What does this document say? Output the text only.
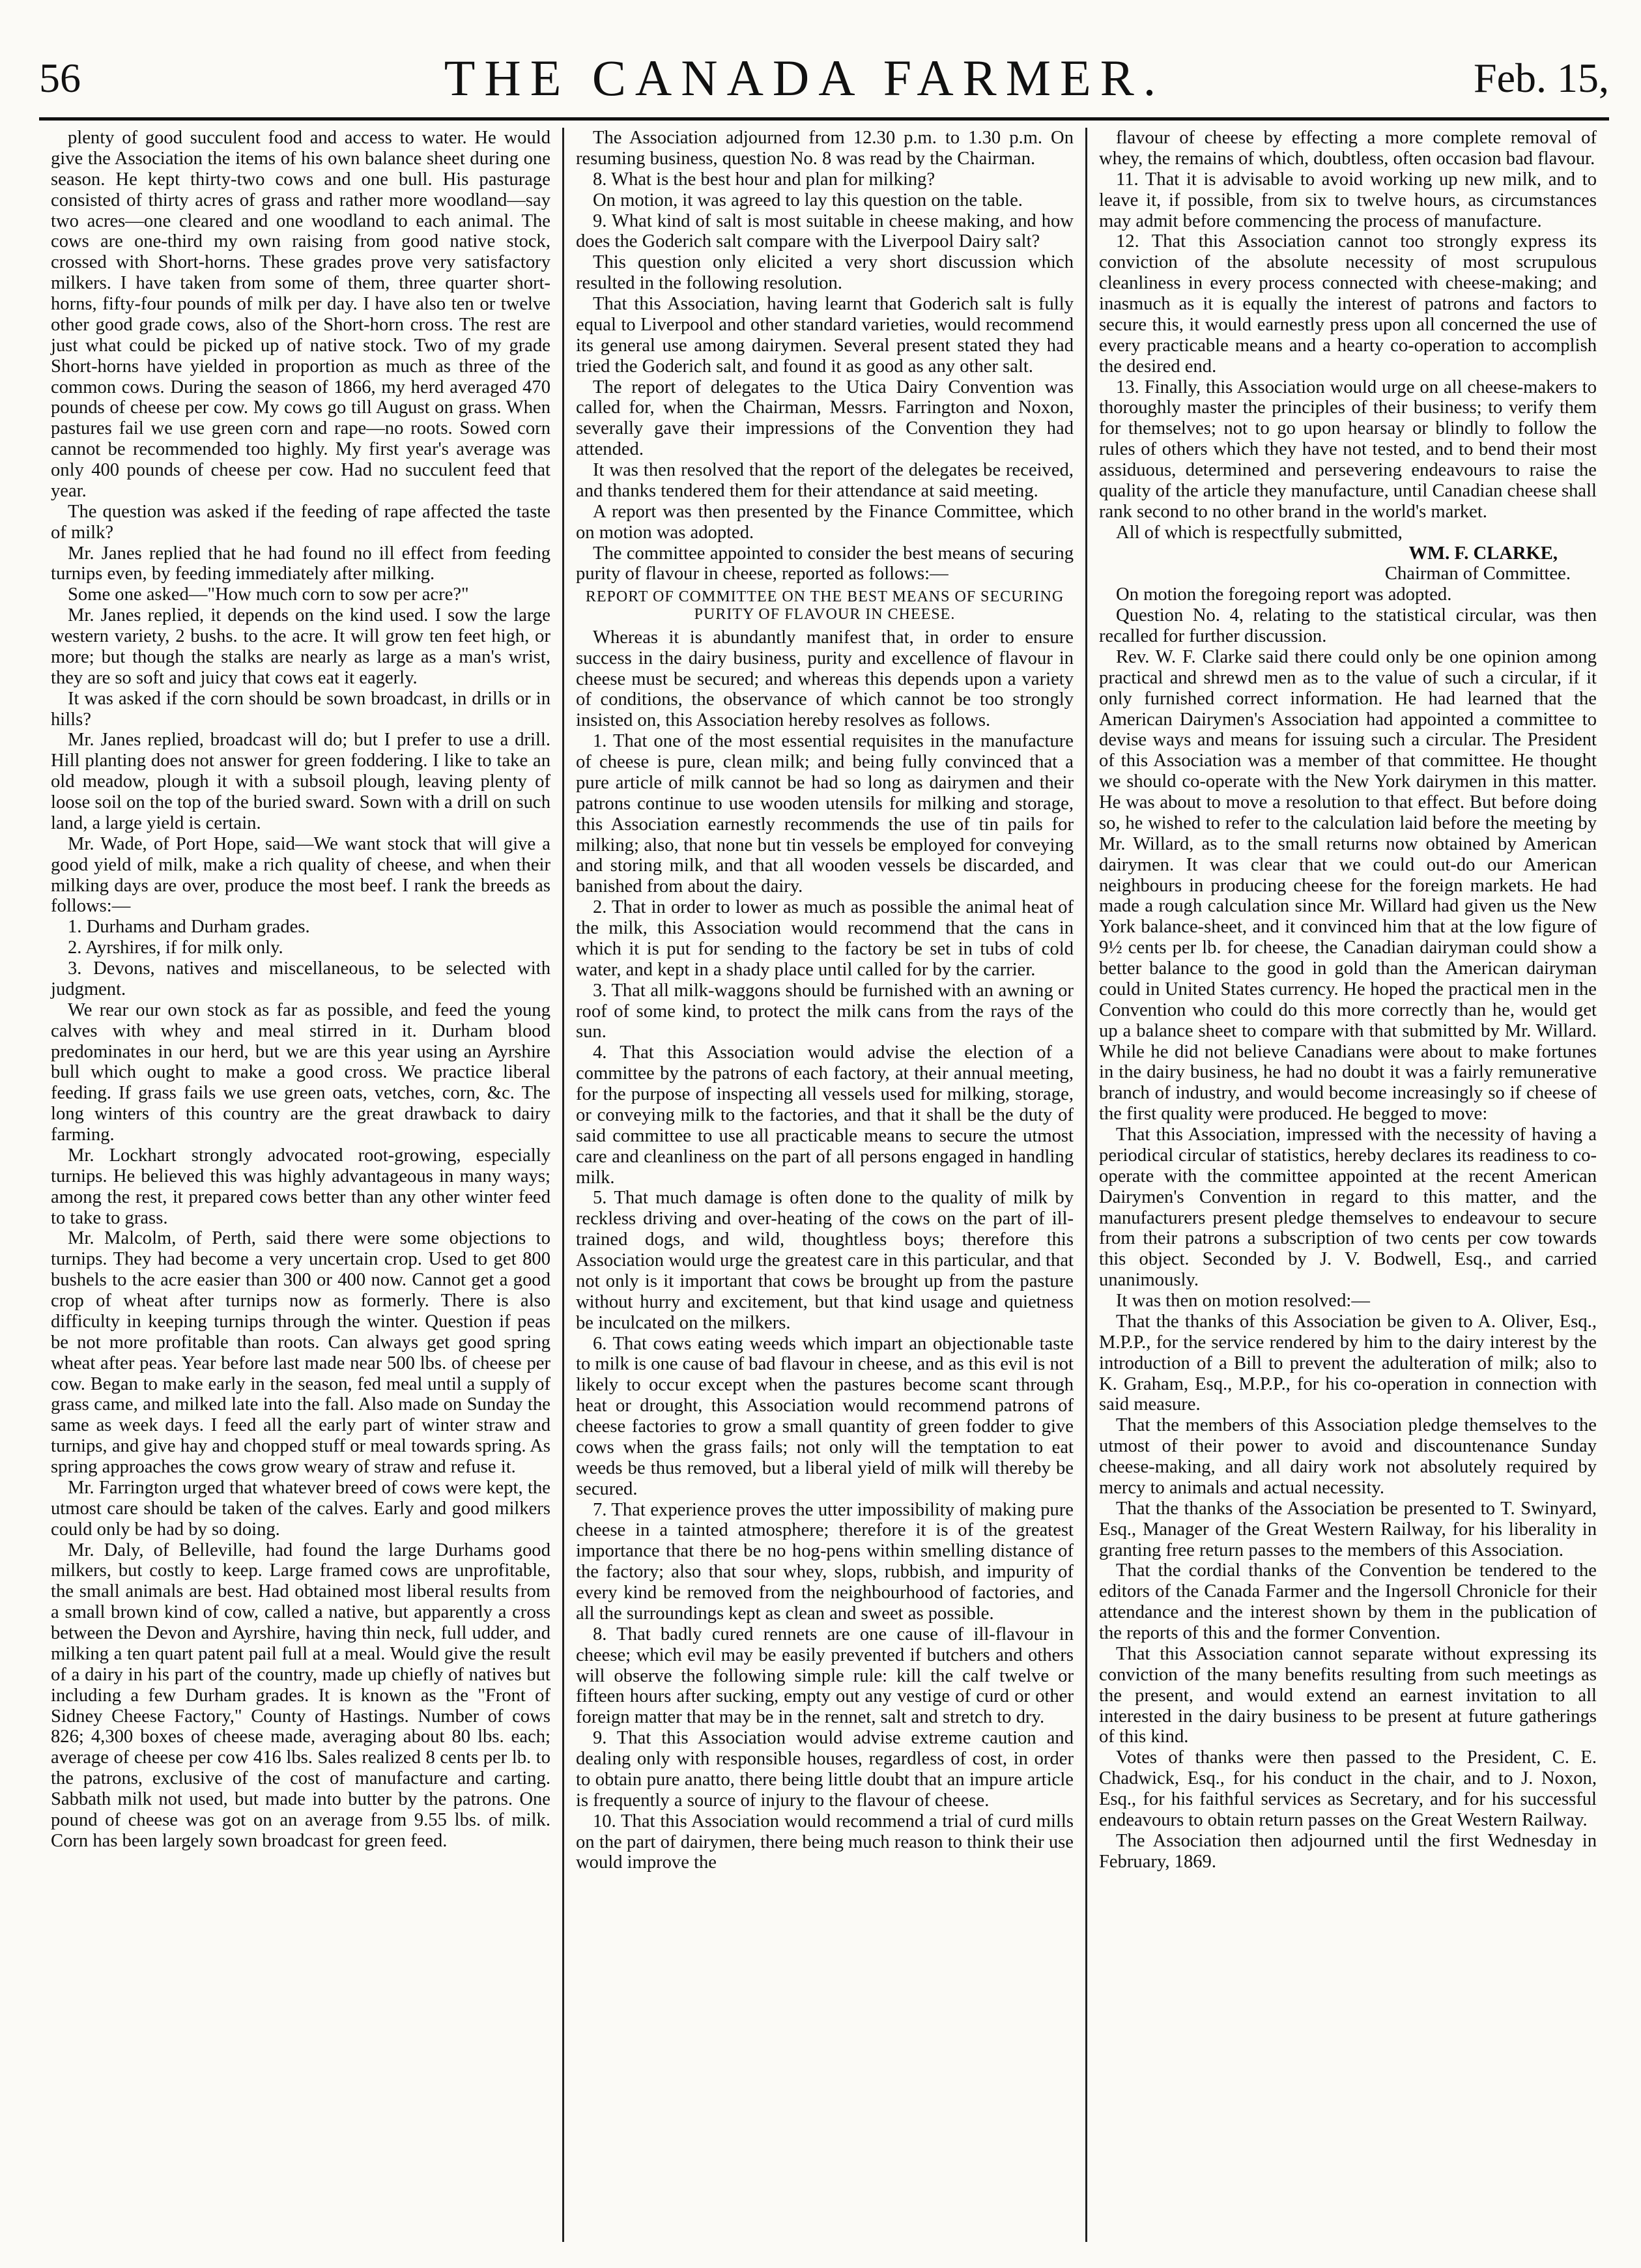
56	THE CANADA FARMER.	Feb. 15,

plenty of good succulent food and access to water. He would give the Association the items of his own balance sheet during one season. He kept thirty-two cows and one bull. His pasturage consisted of thirty acres of grass and rather more woodland—say two acres—one cleared and one woodland to each animal. The cows are one-third my own raising from good native stock, crossed with Short-horns. These grades prove very satisfactory milkers. I have taken from some of them, three quarter short-horns, fifty-four pounds of milk per day. I have also ten or twelve other good grade cows, also of the Short-horn cross. The rest are just what could be picked up of native stock. Two of my grade Short-horns have yielded in proportion as much as three of the common cows. During the season of 1866, my herd averaged 470 pounds of cheese per cow. My cows go till August on grass. When pastures fail we use green corn and rape—no roots. Sowed corn cannot be recommended too highly. My first year's average was only 400 pounds of cheese per cow. Had no succulent feed that year.

The question was asked if the feeding of rape affected the taste of milk?

Mr. Janes replied that he had found no ill effect from feeding turnips even, by feeding immediately after milking.

Some one asked—"How much corn to sow per acre?"

Mr. Janes replied, it depends on the kind used. I sow the large western variety, 2 bushs. to the acre. It will grow ten feet high, or more; but though the stalks are nearly as large as a man's wrist, they are so soft and juicy that cows eat it eagerly.

It was asked if the corn should be sown broadcast, in drills or in hills?

Mr. Janes replied, broadcast will do; but I prefer to use a drill. Hill planting does not answer for green foddering. I like to take an old meadow, plough it with a subsoil plough, leaving plenty of loose soil on the top of the buried sward. Sown with a drill on such land, a large yield is certain.

Mr. Wade, of Port Hope, said—We want stock that will give a good yield of milk, make a rich quality of cheese, and when their milking days are over, produce the most beef. I rank the breeds as follows:—

1. Durhams and Durham grades.

2. Ayrshires, if for milk only.

3. Devons, natives and miscellaneous, to be selected with judgment.

We rear our own stock as far as possible, and feed the young calves with whey and meal stirred in it. Durham blood predominates in our herd, but we are this year using an Ayrshire bull which ought to make a good cross. We practice liberal feeding. If grass fails we use green oats, vetches, corn, &c. The long winters of this country are the great drawback to dairy farming.

Mr. Lockhart strongly advocated root-growing, especially turnips. He believed this was highly advantageous in many ways; among the rest, it prepared cows better than any other winter feed to take to grass.

Mr. Malcolm, of Perth, said there were some objections to turnips. They had become a very uncertain crop. Used to get 800 bushels to the acre easier than 300 or 400 now. Cannot get a good crop of wheat after turnips now as formerly. There is also difficulty in keeping turnips through the winter. Question if peas be not more profitable than roots. Can always get good spring wheat after peas. Year before last made near 500 lbs. of cheese per cow. Began to make early in the season, fed meal until a supply of grass came, and milked late into the fall. Also made on Sunday the same as week days. I feed all the early part of winter straw and turnips, and give hay and chopped stuff or meal towards spring. As spring approaches the cows grow weary of straw and refuse it.

Mr. Farrington urged that whatever breed of cows were kept, the utmost care should be taken of the calves. Early and good milkers could only be had by so doing.

Mr. Daly, of Belleville, had found the large Durhams good milkers, but costly to keep. Large framed cows are unprofitable, the small animals are best. Had obtained most liberal results from a small brown kind of cow, called a native, but apparently a cross between the Devon and Ayrshire, having thin neck, full udder, and milking a ten quart patent pail full at a meal. Would give the result of a dairy in his part of the country, made up chiefly of natives but including a few Durham grades. It is known as the "Front of Sidney Cheese Factory," County of Hastings. Number of cows 826; 4,300 boxes of cheese made, averaging about 80 lbs. each; average of cheese per cow 416 lbs. Sales realized 8 cents per lb. to the patrons, exclusive of the cost of manufacture and carting. Sabbath milk not used, but made into butter by the patrons. One pound of cheese was got on an average from 9.55 lbs. of milk. Corn has been largely sown broadcast for green feed.

The Association adjourned from 12.30 p.m. to 1.30 p.m. On resuming business, question No. 8 was read by the Chairman.

8. What is the best hour and plan for milking?

On motion, it was agreed to lay this question on the table.

9. What kind of salt is most suitable in cheese making, and how does the Goderich salt compare with the Liverpool Dairy salt?

This question only elicited a very short discussion which resulted in the following resolution.

That this Association, having learnt that Goderich salt is fully equal to Liverpool and other standard varieties, would recommend its general use among dairymen. Several present stated they had tried the Goderich salt, and found it as good as any other salt.

The report of delegates to the Utica Dairy Convention was called for, when the Chairman, Messrs. Farrington and Noxon, severally gave their impressions of the Convention they had attended.

It was then resolved that the report of the delegates be received, and thanks tendered them for their attendance at said meeting.

A report was then presented by the Finance Committee, which on motion was adopted.

The committee appointed to consider the best means of securing purity of flavour in cheese, reported as follows:—

REPORT OF COMMITTEE ON THE BEST MEANS OF SECURING PURITY OF FLAVOUR IN CHEESE.

Whereas it is abundantly manifest that, in order to ensure success in the dairy business, purity and excellence of flavour in cheese must be secured; and whereas this depends upon a variety of conditions, the observance of which cannot be too strongly insisted on, this Association hereby resolves as follows.

1. That one of the most essential requisites in the manufacture of cheese is pure, clean milk; and being fully convinced that a pure article of milk cannot be had so long as dairymen and their patrons continue to use wooden utensils for milking and storage, this Association earnestly recommends the use of tin pails for milking; also, that none but tin vessels be employed for conveying and storing milk, and that all wooden vessels be discarded, and banished from about the dairy.

2. That in order to lower as much as possible the animal heat of the milk, this Association would recommend that the cans in which it is put for sending to the factory be set in tubs of cold water, and kept in a shady place until called for by the carrier.

3. That all milk-waggons should be furnished with an awning or roof of some kind, to protect the milk cans from the rays of the sun.

4. That this Association would advise the election of a committee by the patrons of each factory, at their annual meeting, for the purpose of inspecting all vessels used for milking, storage, or conveying milk to the factories, and that it shall be the duty of said committee to use all practicable means to secure the utmost care and cleanliness on the part of all persons engaged in handling milk.

5. That much damage is often done to the quality of milk by reckless driving and over-heating of the cows on the part of ill-trained dogs, and wild, thoughtless boys; therefore this Association would urge the greatest care in this particular, and that not only is it important that cows be brought up from the pasture without hurry and excitement, but that kind usage and quietness be inculcated on the milkers.

6. That cows eating weeds which impart an objectionable taste to milk is one cause of bad flavour in cheese, and as this evil is not likely to occur except when the pastures become scant through heat or drought, this Association would recommend patrons of cheese factories to grow a small quantity of green fodder to give cows when the grass fails; not only will the temptation to eat weeds be thus removed, but a liberal yield of milk will thereby be secured.

7. That experience proves the utter impossibility of making pure cheese in a tainted atmosphere; therefore it is of the greatest importance that there be no hog-pens within smelling distance of the factory; also that sour whey, slops, rubbish, and impurity of every kind be removed from the neighbourhood of factories, and all the surroundings kept as clean and sweet as possible.

8. That badly cured rennets are one cause of ill-flavour in cheese; which evil may be easily prevented if butchers and others will observe the following simple rule: kill the calf twelve or fifteen hours after sucking, empty out any vestige of curd or other foreign matter that may be in the rennet, salt and stretch to dry.

9. That this Association would advise extreme caution and dealing only with responsible houses, regardless of cost, in order to obtain pure anatto, there being little doubt that an impure article is frequently a source of injury to the flavour of cheese.

10. That this Association would recommend a trial of curd mills on the part of dairymen, there being much reason to think their use would improve the

flavour of cheese by effecting a more complete removal of whey, the remains of which, doubtless, often occasion bad flavour.

11. That it is advisable to avoid working up new milk, and to leave it, if possible, from six to twelve hours, as circumstances may admit before commencing the process of manufacture.

12. That this Association cannot too strongly express its conviction of the absolute necessity of most scrupulous cleanliness in every process connected with cheese-making; and inasmuch as it is equally the interest of patrons and factors to secure this, it would earnestly press upon all concerned the use of every practicable means and a hearty co-operation to accomplish the desired end.

13. Finally, this Association would urge on all cheese-makers to thoroughly master the principles of their business; to verify them for themselves; not to go upon hearsay or blindly to follow the rules of others which they have not tested, and to bend their most assiduous, determined and persevering endeavours to raise the quality of the article they manufacture, until Canadian cheese shall rank second to no other brand in the world's market.

All of which is respectfully submitted,

WM. F. CLARKE,

Chairman of Committee.

On motion the foregoing report was adopted.

Question No. 4, relating to the statistical circular, was then recalled for further discussion.

Rev. W. F. Clarke said there could only be one opinion among practical and shrewd men as to the value of such a circular, if it only furnished correct information. He had learned that the American Dairymen's Association had appointed a committee to devise ways and means for issuing such a circular. The President of this Association was a member of that committee. He thought we should co-operate with the New York dairymen in this matter. He was about to move a resolution to that effect. But before doing so, he wished to refer to the calculation laid before the meeting by Mr. Willard, as to the small returns now obtained by American dairymen. It was clear that we could out-do our American neighbours in producing cheese for the foreign markets. He had made a rough calculation since Mr. Willard had given us the New York balance-sheet, and it convinced him that at the low figure of 9½ cents per lb. for cheese, the Canadian dairyman could show a better balance to the good in gold than the American dairyman could in United States currency. He hoped the practical men in the Convention who could do this more correctly than he, would get up a balance sheet to compare with that submitted by Mr. Willard. While he did not believe Canadians were about to make fortunes in the dairy business, he had no doubt it was a fairly remunerative branch of industry, and would become increasingly so if cheese of the first quality were produced. He begged to move:

That this Association, impressed with the necessity of having a periodical circular of statistics, hereby declares its readiness to co-operate with the committee appointed at the recent American Dairymen's Convention in regard to this matter, and the manufacturers present pledge themselves to endeavour to secure from their patrons a subscription of two cents per cow towards this object. Seconded by J. V. Bodwell, Esq., and carried unanimously.

It was then on motion resolved:—

That the thanks of this Association be given to A. Oliver, Esq., M.P.P., for the service rendered by him to the dairy interest by the introduction of a Bill to prevent the adulteration of milk; also to K. Graham, Esq., M.P.P., for his co-operation in connection with said measure.

That the members of this Association pledge themselves to the utmost of their power to avoid and discountenance Sunday cheese-making, and all dairy work not absolutely required by mercy to animals and actual necessity.

That the thanks of the Association be presented to T. Swinyard, Esq., Manager of the Great Western Railway, for his liberality in granting free return passes to the members of this Association.

That the cordial thanks of the Convention be tendered to the editors of the Canada Farmer and the Ingersoll Chronicle for their attendance and the interest shown by them in the publication of the reports of this and the former Convention.

That this Association cannot separate without expressing its conviction of the many benefits resulting from such meetings as the present, and would extend an earnest invitation to all interested in the dairy business to be present at future gatherings of this kind.

Votes of thanks were then passed to the President, C. E. Chadwick, Esq., for his conduct in the chair, and to J. Noxon, Esq., for his faithful services as Secretary, and for his successful endeavours to obtain return passes on the Great Western Railway.

The Association then adjourned until the first Wednesday in February, 1869.
